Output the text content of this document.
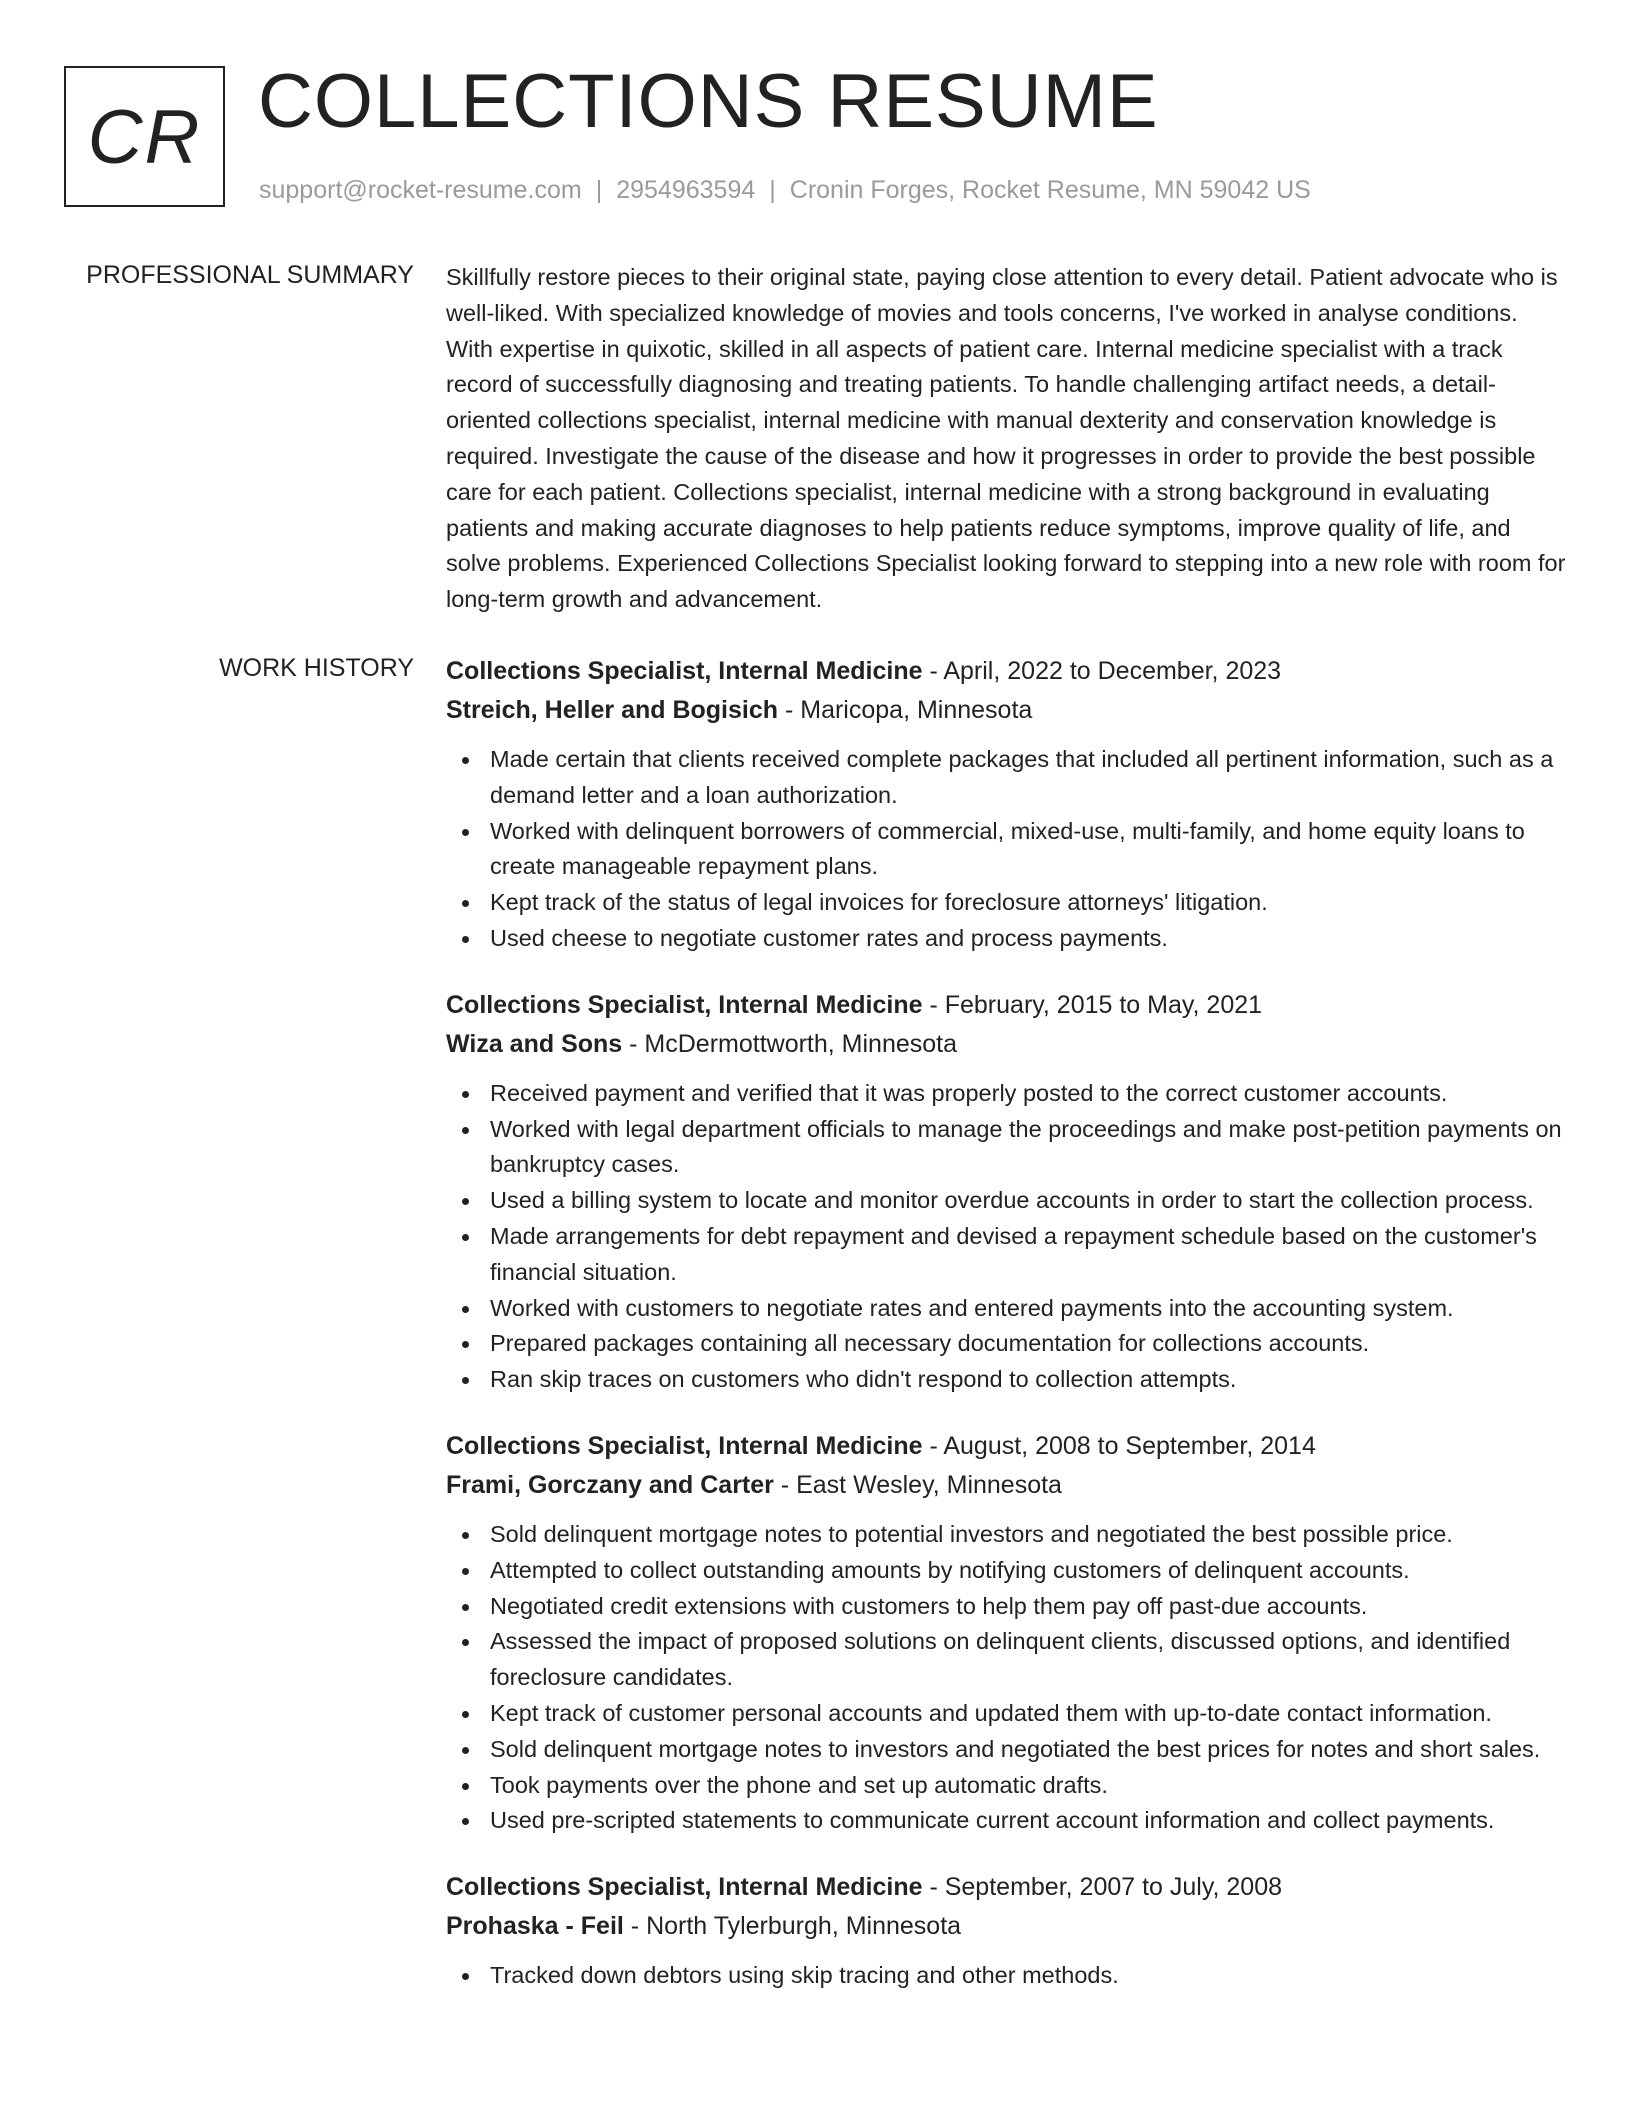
CR COLLECTIONS RESUME
support@rocket-resume.com | 2954963594 | Cronin Forges, Rocket Resume, MN 59042 US
PROFESSIONAL SUMMARY Skillfully restore pieces to their original state, paying close attention to every detail. Patient advocate who is well-liked. With specialized knowledge of movies and tools concerns, I've worked in analyse conditions. With expertise in quixotic, skilled in all aspects of patient care. Internal medicine specialist with a track record of successfully diagnosing and treating patients. To handle challenging artifact needs, a detail-oriented collections specialist, internal medicine with manual dexterity and conservation knowledge is required. Investigate the cause of the disease and how it progresses in order to provide the best possible care for each patient. Collections specialist, internal medicine with a strong background in evaluating patients and making accurate diagnoses to help patients reduce symptoms, improve quality of life, and solve problems. Experienced Collections Specialist looking forward to stepping into a new role with room for long-term growth and advancement.
WORK HISTORY Collections Specialist, Internal Medicine - April, 2022 to December, 2023
Streich, Heller and Bogisich - Maricopa, Minnesota
Made certain that clients received complete packages that included all pertinent information, such as a demand letter and a loan authorization.
Worked with delinquent borrowers of commercial, mixed-use, multi-family, and home equity loans to create manageable repayment plans.
Kept track of the status of legal invoices for foreclosure attorneys' litigation.
Used cheese to negotiate customer rates and process payments.
Collections Specialist, Internal Medicine - February, 2015 to May, 2021
Wiza and Sons - McDermottworth, Minnesota
Received payment and verified that it was properly posted to the correct customer accounts.
Worked with legal department officials to manage the proceedings and make post-petition payments on bankruptcy cases.
Used a billing system to locate and monitor overdue accounts in order to start the collection process.
Made arrangements for debt repayment and devised a repayment schedule based on the customer's financial situation.
Worked with customers to negotiate rates and entered payments into the accounting system.
Prepared packages containing all necessary documentation for collections accounts.
Ran skip traces on customers who didn't respond to collection attempts.
Collections Specialist, Internal Medicine - August, 2008 to September, 2014
Frami, Gorczany and Carter - East Wesley, Minnesota
Sold delinquent mortgage notes to potential investors and negotiated the best possible price.
Attempted to collect outstanding amounts by notifying customers of delinquent accounts.
Negotiated credit extensions with customers to help them pay off past-due accounts.
Assessed the impact of proposed solutions on delinquent clients, discussed options, and identified foreclosure candidates.
Kept track of customer personal accounts and updated them with up-to-date contact information.
Sold delinquent mortgage notes to investors and negotiated the best prices for notes and short sales.
Took payments over the phone and set up automatic drafts.
Used pre-scripted statements to communicate current account information and collect payments.
Collections Specialist, Internal Medicine - September, 2007 to July, 2008
Prohaska - Feil - North Tylerburgh, Minnesota
Tracked down debtors using skip tracing and other methods.
